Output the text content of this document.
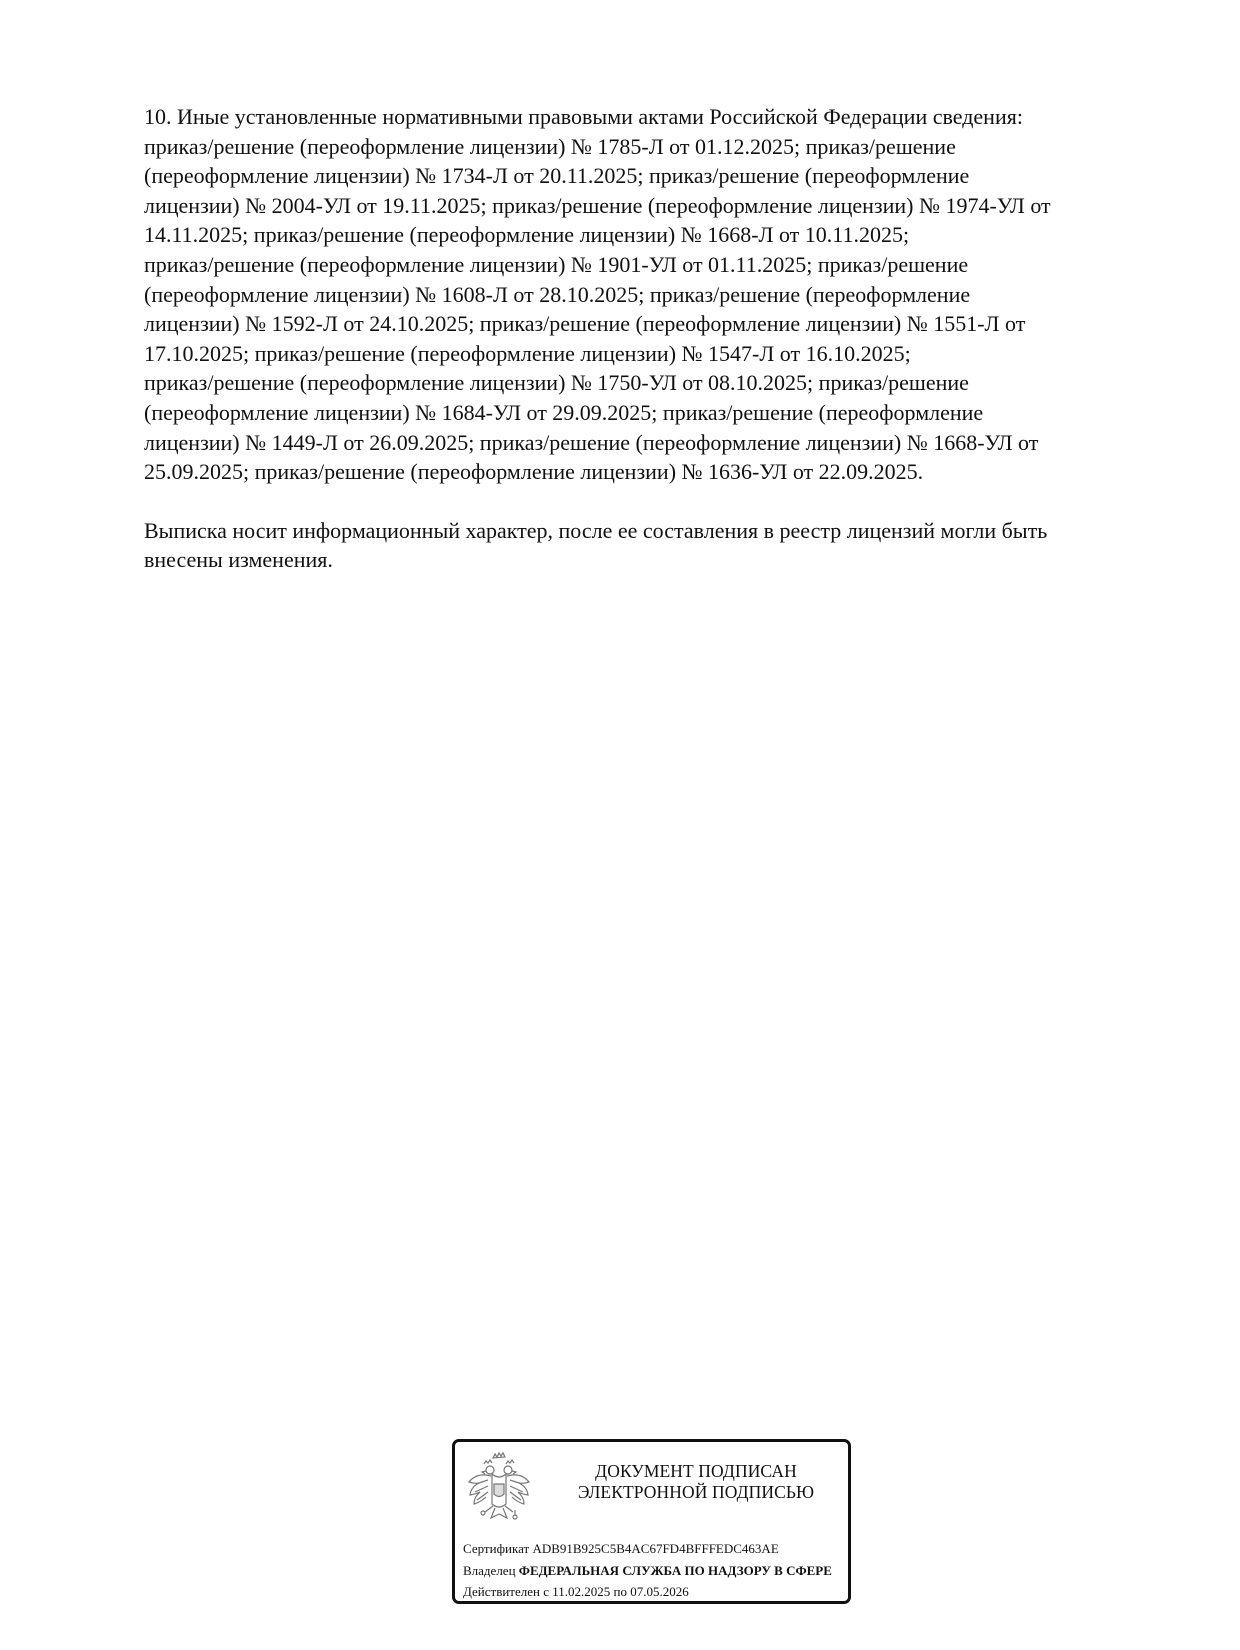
10. Иные установленные нормативными правовыми актами Российской Федерации сведения:
приказ/решение (переоформление лицензии) № 1785-Л от 01.12.2025; приказ/решение
(переоформление лицензии) № 1734-Л от 20.11.2025; приказ/решение (переоформление
лицензии) № 2004-УЛ от 19.11.2025; приказ/решение (переоформление лицензии) № 1974-УЛ от
14.11.2025; приказ/решение (переоформление лицензии) № 1668-Л от 10.11.2025;
приказ/решение (переоформление лицензии) № 1901-УЛ от 01.11.2025; приказ/решение
(переоформление лицензии) № 1608-Л от 28.10.2025; приказ/решение (переоформление
лицензии) № 1592-Л от 24.10.2025; приказ/решение (переоформление лицензии) № 1551-Л от
17.10.2025; приказ/решение (переоформление лицензии) № 1547-Л от 16.10.2025;
приказ/решение (переоформление лицензии) № 1750-УЛ от 08.10.2025; приказ/решение
(переоформление лицензии) № 1684-УЛ от 29.09.2025; приказ/решение (переоформление
лицензии) № 1449-Л от 26.09.2025; приказ/решение (переоформление лицензии) № 1668-УЛ от
25.09.2025; приказ/решение (переоформление лицензии) № 1636-УЛ от 22.09.2025.

Выписка носит информационный характер, после ее составления в реестр лицензий могли быть
внесены изменения.

ДОКУМЕНТ ПОДПИСАН
ЭЛЕКТРОННОЙ ПОДПИСЬЮ
Сертификат ADB91B925C5B4AC67FD4BFFFEDC463AE
Владелец ФЕДЕРАЛЬНАЯ СЛУЖБА ПО НАДЗОРУ В СФЕРЕ
Действителен с 11.02.2025 по 07.05.2026
